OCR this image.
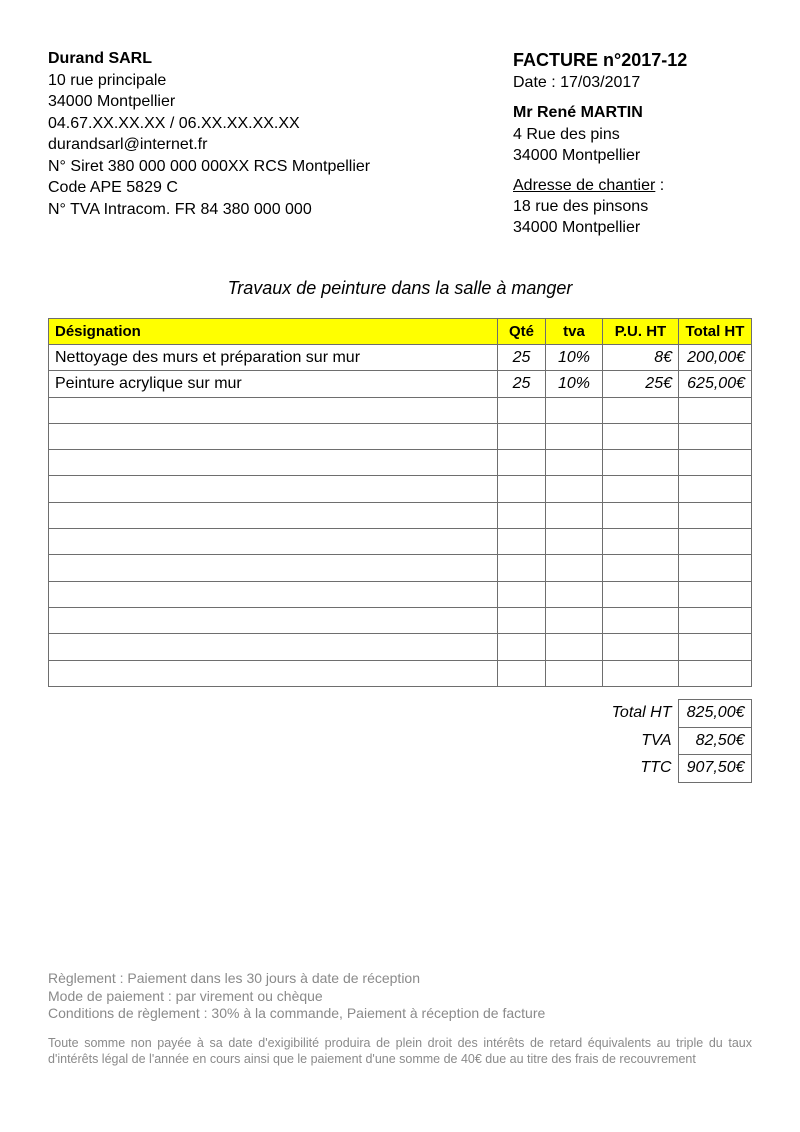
Durand SARL
10 rue principale
34000 Montpellier
04.67.XX.XX.XX / 06.XX.XX.XX.XX
durandsarl@internet.fr
N° Siret 380 000 000 000XX RCS Montpellier
Code APE 5829 C
N° TVA Intracom. FR 84 380 000 000
FACTURE n°2017-12
Date : 17/03/2017
Mr René MARTIN
4 Rue des pins
34000 Montpellier
Adresse de chantier :
18 rue des pinsons
34000 Montpellier
Travaux de peinture dans la salle à manger
Désignation	Qté	tva	P.U. HT	Total HT
Nettoyage des murs et préparation sur mur	25	10%	8€	200,00€
Peinture acrylique sur mur	25	10%	25€	625,00€

Total HT	825,00€
TVA	82,50€
TTC	907,50€
Règlement : Paiement dans les 30 jours à date de réception
Mode de paiement : par virement ou chèque
Conditions de règlement : 30% à la commande, Paiement à réception de facture
Toute somme non payée à sa date d'exigibilité produira de plein droit des intérêts de retard équivalents au triple du taux d'intérêts légal de l'année en cours ainsi que le paiement d'une somme de 40€ due au titre des frais de recouvrement
